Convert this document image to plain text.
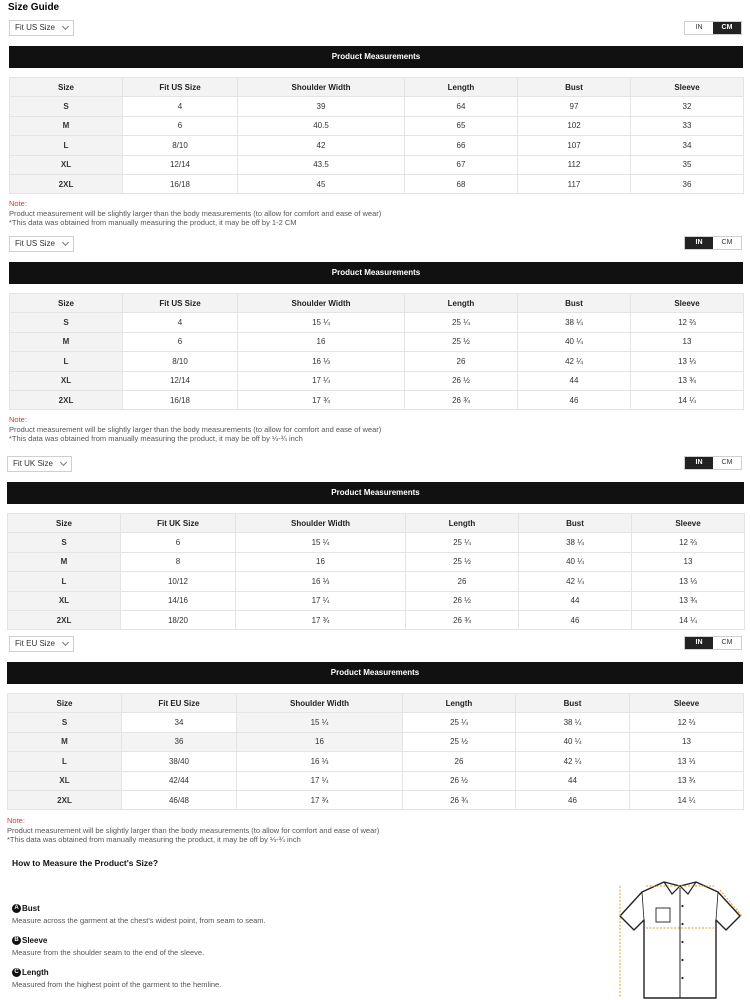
Size Guide
Fit US Size	IN	CM
Product Measurements
Size	Fit US Size	Shoulder Width	Length	Bust	Sleeve
S	4	39	64	97	32
M	6	40.5	65	102	33
L	8/10	42	66	107	34
XL	12/14	43.5	67	112	35
2XL	16/18	45	68	117	36
Note:
Product measurement will be slightly larger than the body measurements (to allow for comfort and ease of wear)
*This data was obtained from manually measuring the product, it may be off by 1-2 CM
Fit US Size	IN	CM
Product Measurements
Size	Fit US Size	Shoulder Width	Length	Bust	Sleeve
S	4	15 ¼	25 ¼	38 ¼	12 ⅔
M	6	16	25 ½	40 ¼	13
L	8/10	16 ⅓	26	42 ¼	13 ⅓
XL	12/14	17 ¼	26 ½	44	13 ¾
2XL	16/18	17 ¾	26 ¾	46	14 ¼
Note:
Product measurement will be slightly larger than the body measurements (to allow for comfort and ease of wear)
*This data was obtained from manually measuring the product, it may be off by ⅓-¾ inch
Fit UK Size	IN	CM
Product Measurements
Size	Fit UK Size	Shoulder Width	Length	Bust	Sleeve
S	6	15 ¼	25 ¼	38 ¼	12 ⅔
M	8	16	25 ½	40 ¼	13
L	10/12	16 ⅓	26	42 ¼	13 ⅓
XL	14/16	17 ¼	26 ½	44	13 ¾
2XL	18/20	17 ¾	26 ¾	46	14 ¼
Fit EU Size	IN	CM
Product Measurements
Size	Fit EU Size	Shoulder Width	Length	Bust	Sleeve
S	34	15 ¼	25 ¼	38 ¼	12 ⅔
M	36	16	25 ½	40 ¼	13
L	38/40	16 ⅓	26	42 ¼	13 ⅓
XL	42/44	17 ¼	26 ½	44	13 ¾
2XL	46/48	17 ¾	26 ¾	46	14 ¼
Note:
Product measurement will be slightly larger than the body measurements (to allow for comfort and ease of wear)
*This data was obtained from manually measuring the product, it may be off by ⅓-¾ inch
How to Measure the Product's Size?
A Bust
Measure across the garment at the chest's widest point, from seam to seam.
B Sleeve
Measure from the shoulder seam to the end of the sleeve.
C Length
Measured from the highest point of the garment to the hemline.
